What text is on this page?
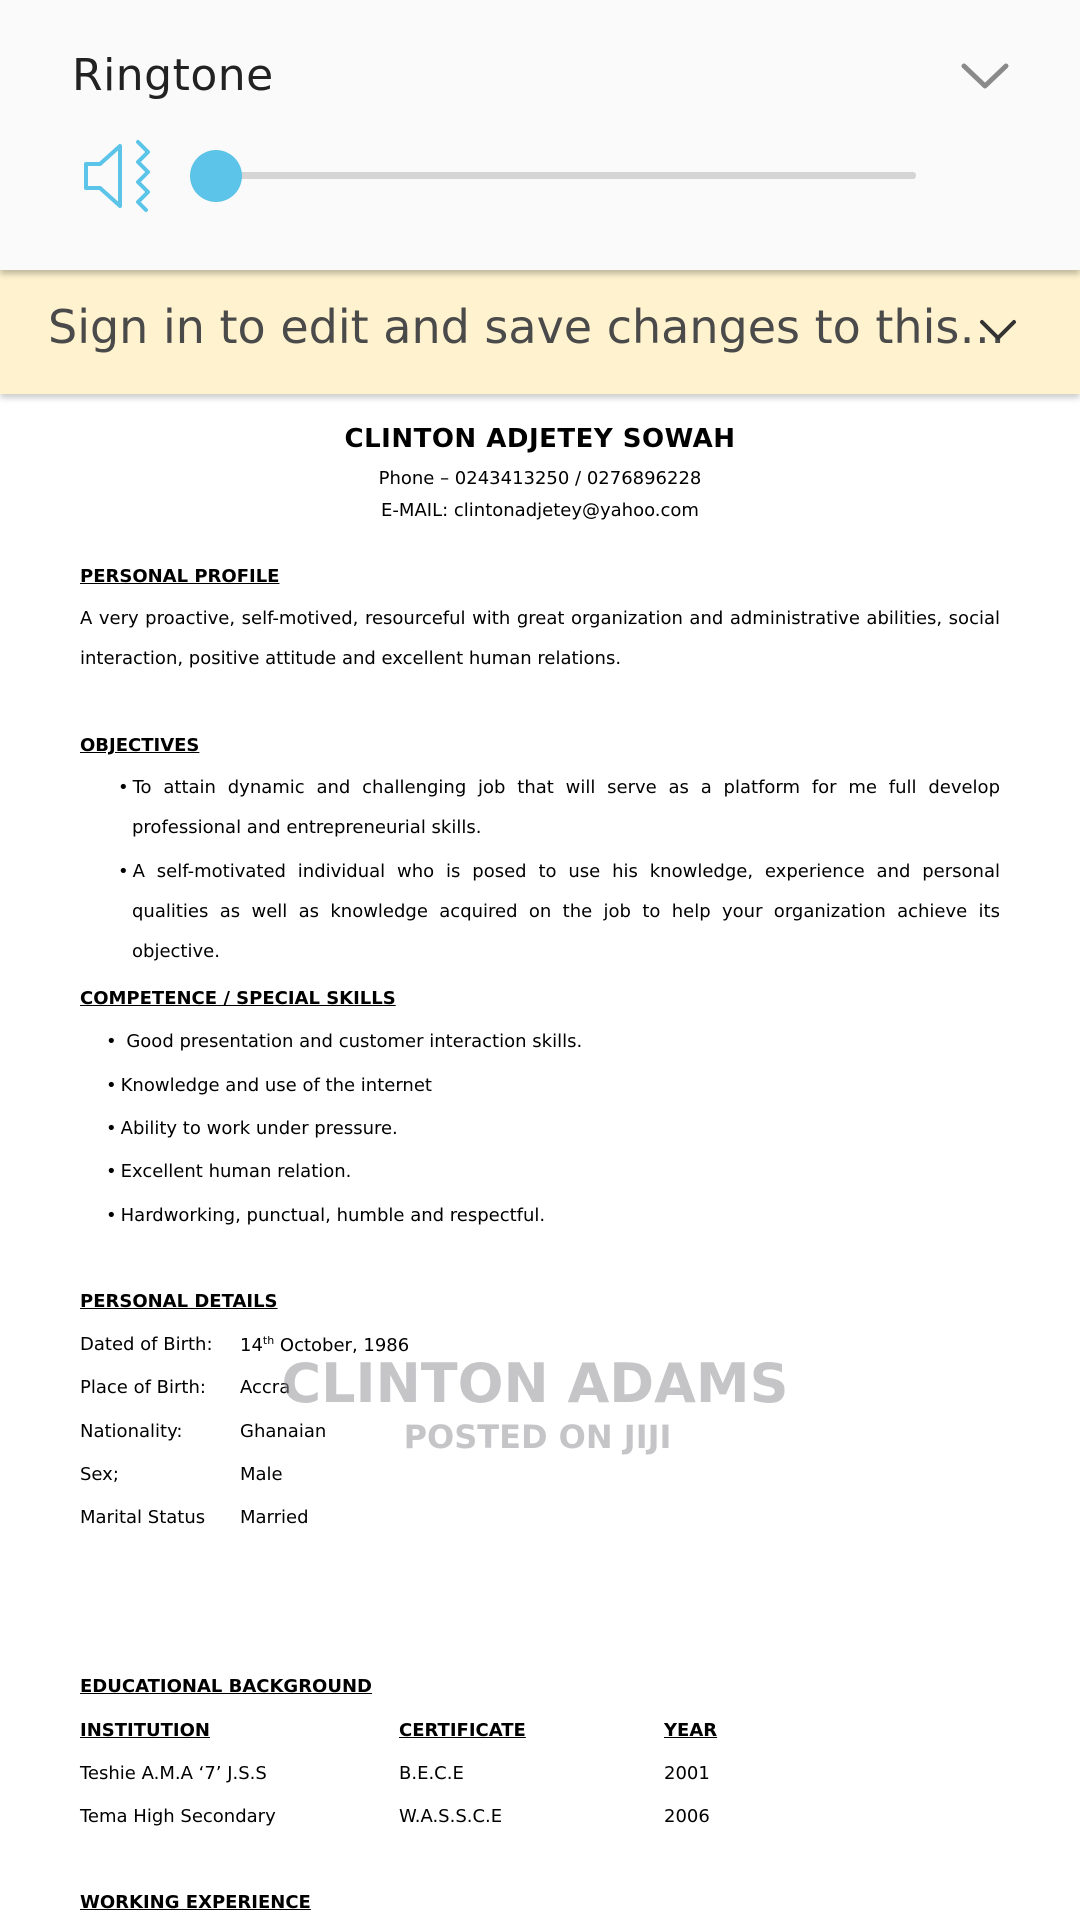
Ringtone
Sign in to edit and save changes to this…
CLINTON ADJETEY SOWAH
Phone – 0243413250 / 0276896228
E-MAIL: clintonadjetey@yahoo.com
PERSONAL PROFILE
A very proactive, self-motived, resourceful with great organization and administrative abilities, social interaction, positive attitude and excellent human relations.
OBJECTIVES
• To attain dynamic and challenging job that will serve as a platform for me full develop professional and entrepreneurial skills.
• A self-motivated individual who is posed to use his knowledge, experience and personal qualities as well as knowledge acquired on the job to help your organization achieve its objective.
COMPETENCE / SPECIAL SKILLS
• Good presentation and customer interaction skills.
• Knowledge and use of the internet
• Ability to work under pressure.
• Excellent human relation.
• Hardworking, punctual, humble and respectful.
PERSONAL DETAILS
Dated of Birth: 14th October, 1986
Place of Birth: Accra
Nationality:	Ghanaian
Sex;	Male
Marital Status Married
EDUCATIONAL BACKGROUND
INSTITUTION	CERTIFICATE	YEAR
Teshie A.M.A ‘7’ J.S.S	B.E.C.E	2001
Tema High Secondary	W.A.S.S.C.E	2006
WORKING EXPERIENCE
CLINTON ADAMS
POSTED ON JIJI
